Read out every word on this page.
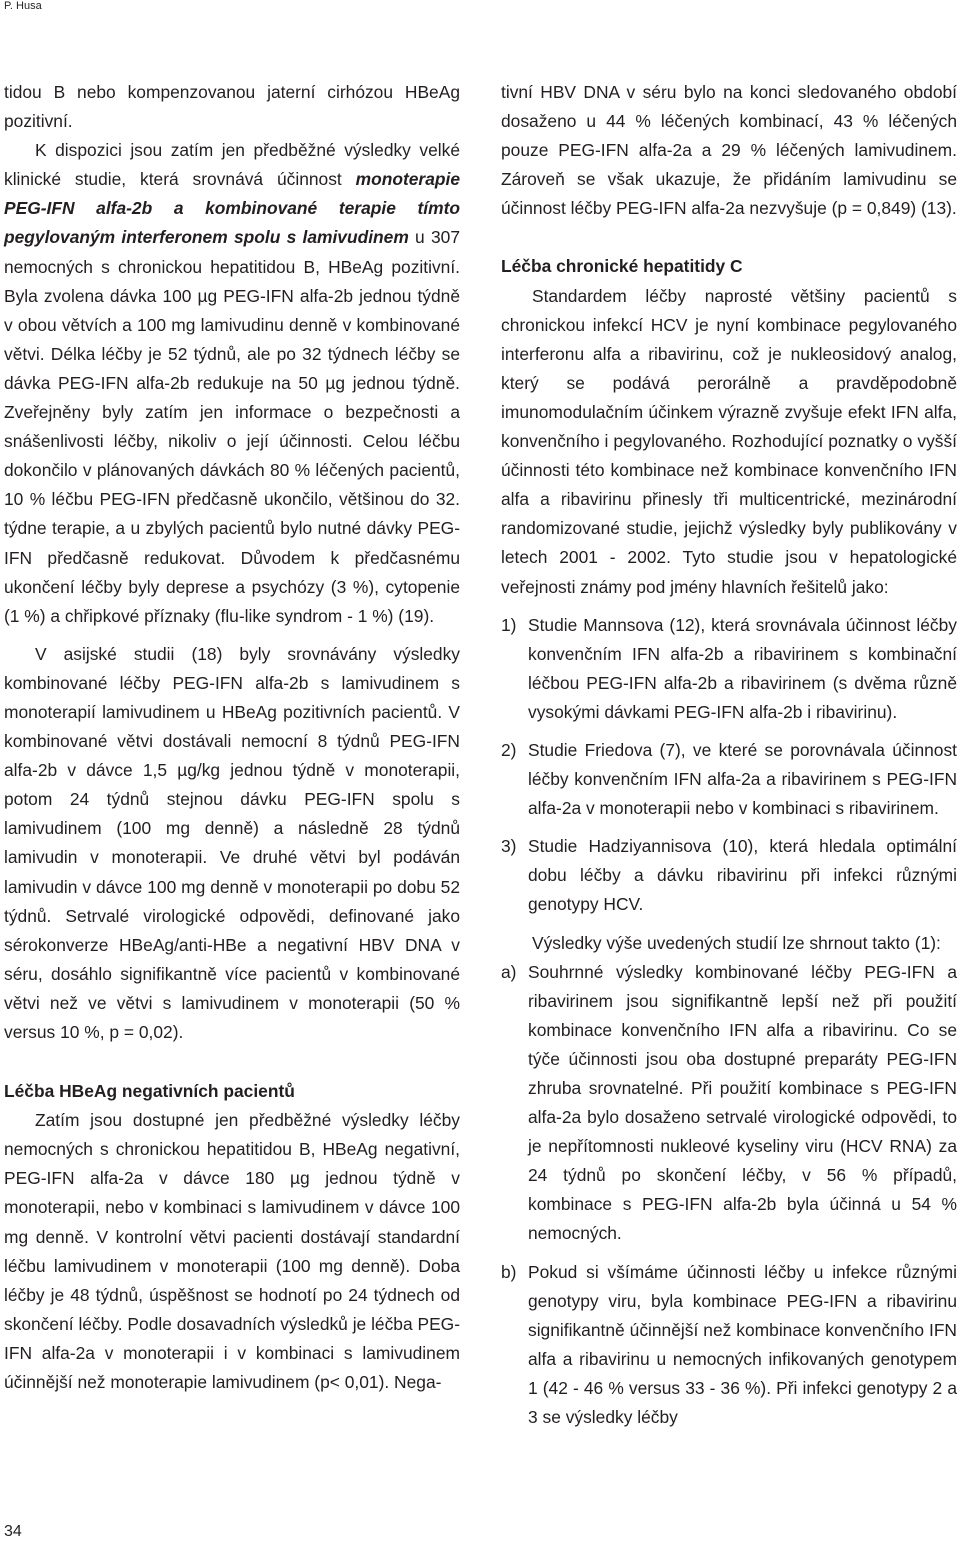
P. Husa

tidou B nebo kompenzovanou jaterní cirhózou HBeAg pozitivní.

K dispozici jsou zatím jen předběžné výsledky velké klinické studie, která srovnává účinnost monoterapie PEG-IFN alfa-2b a kombinované terapie tímto pegylovaným interferonem spolu s lamivudinem u 307 nemocných s chronickou hepatitidou B, HBeAg pozitivní. Byla zvolena dávka 100 µg PEG-IFN alfa-2b jednou týdně v obou větvích a 100 mg lamivudinu denně v kombinované větvi. Délka léčby je 52 týdnů, ale po 32 týdnech léčby se dávka PEG-IFN alfa-2b redukuje na 50 µg jednou týdně. Zveřejněny byly zatím jen informace o bezpečnosti a snášenlivosti léčby, nikoliv o její účinnosti. Celou léčbu dokončilo v plánovaných dávkách 80 % léčených pacientů, 10 % léčbu PEG-IFN předčasně ukončilo, většinou do 32. týdne terapie, a u zbylých pacientů bylo nutné dávky PEG-IFN předčasně redukovat. Důvodem k předčasnému ukončení léčby byly deprese a psychózy (3 %), cytopenie (1 %) a chřipkové příznaky (flu-like syndrom - 1 %) (19).

V asijské studii (18) byly srovnávány výsledky kombinované léčby PEG-IFN alfa-2b s lamivudinem s monoterapií lamivudinem u HBeAg pozitivních pacientů. V kombinované větvi dostávali nemocní 8 týdnů PEG-IFN alfa-2b v dávce 1,5 µg/kg jednou týdně v monoterapii, potom 24 týdnů stejnou dávku PEG-IFN spolu s lamivudinem (100 mg denně) a následně 28 týdnů lamivudin v monoterapii. Ve druhé větvi byl podáván lamivudin v dávce 100 mg denně v monoterapii po dobu 52 týdnů. Setrvalé virologické odpovědi, definované jako sérokonverze HBeAg/anti-HBe a negativní HBV DNA v séru, dosáhlo signifikantně více pacientů v kombinované větvi než ve větvi s lamivudinem v monoterapii (50 % versus 10 %, p = 0,02).

Léčba HBeAg negativních pacientů

Zatím jsou dostupné jen předběžné výsledky léčby nemocných s chronickou hepatitidou B, HBeAg negativní, PEG-IFN alfa-2a v dávce 180 µg jednou týdně v monoterapii, nebo v kombinaci s lamivudinem v dávce 100 mg denně. V kontrolní větvi pacienti dostávají standardní léčbu lamivudinem v monoterapii (100 mg denně). Doba léčby je 48 týdnů, úspěšnost se hodnotí po 24 týdnech od skončení léčby. Podle dosavadních výsledků je léčba PEG-IFN alfa-2a v monoterapii i v kombinaci s lamivudinem účinnější než monoterapie lamivudinem (p< 0,01). Nega-

tivní HBV DNA v séru bylo na konci sledovaného období dosaženo u 44 % léčených kombinací, 43 % léčených pouze PEG-IFN alfa-2a a 29 % léčených lamivudinem. Zároveň se však ukazuje, že přidáním lamivudinu se účinnost léčby PEG-IFN alfa-2a nezvyšuje (p = 0,849) (13).

Léčba chronické hepatitidy C

Standardem léčby naprosté většiny pacientů s chronickou infekcí HCV je nyní kombinace pegylovaného interferonu alfa a ribavirinu, což je nukleosidový analog, který se podává perorálně a pravděpodobně imunomodulačním účinkem výrazně zvyšuje efekt IFN alfa, konvenčního i pegylovaného. Rozhodující poznatky o vyšší účinnosti této kombinace než kombinace konvenčního IFN alfa a ribavirinu přinesly tři multicentrické, mezinárodní randomizované studie, jejichž výsledky byly publikovány v letech 2001 - 2002. Tyto studie jsou v hepatologické veřejnosti známy pod jmény hlavních řešitelů jako:

1) Studie Mannsova (12), která srovnávala účinnost léčby konvenčním IFN alfa-2b a ribavirinem s kombinační léčbou PEG-IFN alfa-2b a ribavirinem (s dvěma různě vysokými dávkami PEG-IFN alfa-2b i ribavirinu).
2) Studie Friedova (7), ve které se porovnávala účinnost léčby konvenčním IFN alfa-2a a ribavirinem s PEG-IFN alfa-2a v monoterapii nebo v kombinaci s ribavirinem.
3) Studie Hadziyannisova (10), která hledala optimální dobu léčby a dávku ribavirinu při infekci různými genotypy HCV.

Výsledky výše uvedených studií lze shrnout takto (1):

a) Souhrnné výsledky kombinované léčby PEG-IFN a ribavirinem jsou signifikantně lepší než při použití kombinace konvenčního IFN alfa a ribavirinu. Co se týče účinnosti jsou oba dostupné preparáty PEG-IFN zhruba srovnatelné. Při použití kombinace s PEG-IFN alfa-2a bylo dosaženo setrvalé virologické odpovědi, to je nepřítomnosti nukleové kyseliny viru (HCV RNA) za 24 týdnů po skončení léčby, v 56 % případů, kombinace s PEG-IFN alfa-2b byla účinná u 54 % nemocných.
b) Pokud si všímáme účinnosti léčby u infekce různými genotypy viru, byla kombinace PEG-IFN a ribavirinu signifikantně účinnější než kombinace konvenčního IFN alfa a ribavirinu u nemocných infikovaných genotypem 1 (42 - 46 % versus 33 - 36 %). Při infekci genotypy 2 a 3 se výsledky léčby
34
